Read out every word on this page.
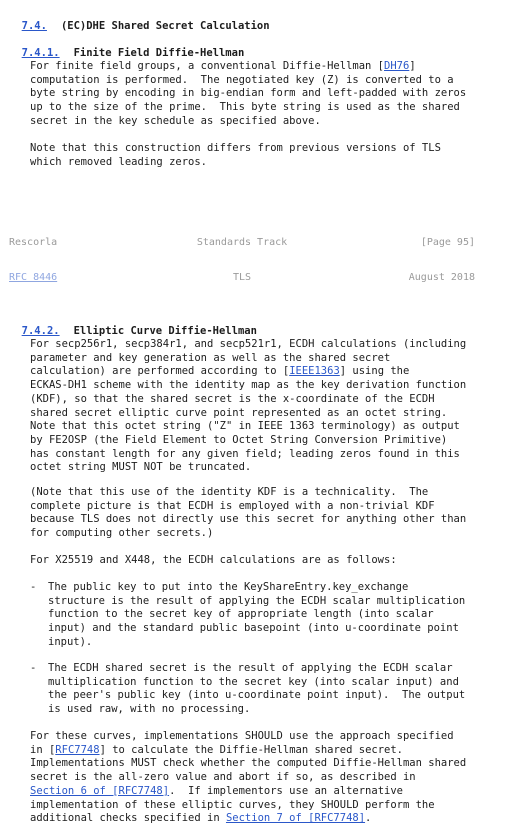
7.4. (EC)DHE Shared Secret Calculation

7.4.1. Finite Field Diffie-Hellman

For finite field groups, a conventional Diffie-Hellman [DH76]
computation is performed.  The negotiated key (Z) is converted to a
byte string by encoding in big-endian form and left-padded with zeros
up to the size of the prime.  This byte string is used as the shared
secret in the key schedule as specified above.
Note that this construction differs from previous versions of TLS
which removed leading zeros.
Rescorla	Standards Track	[Page 95]
RFC 8446	TLS	August 2018

7.4.2. Elliptic Curve Diffie-Hellman

For secp256r1, secp384r1, and secp521r1, ECDH calculations (including
parameter and key generation as well as the shared secret
calculation) are performed according to [IEEE1363] using the
ECKAS-DH1 scheme with the identity map as the key derivation function
(KDF), so that the shared secret is the x-coordinate of the ECDH
shared secret elliptic curve point represented as an octet string.
Note that this octet string ("Z" in IEEE 1363 terminology) as output
by FE2OSP (the Field Element to Octet String Conversion Primitive)
has constant length for any given field; leading zeros found in this
octet string MUST NOT be truncated.
(Note that this use of the identity KDF is a technicality.  The
complete picture is that ECDH is employed with a non-trivial KDF
because TLS does not directly use this secret for anything other than
for computing other secrets.)
For X25519 and X448, the ECDH calculations are as follows:
- The public key to put into the KeyShareEntry.key_exchange
structure is the result of applying the ECDH scalar multiplication
function to the secret key of appropriate length (into scalar
input) and the standard public basepoint (into u-coordinate point
input).
- The ECDH shared secret is the result of applying the ECDH scalar
multiplication function to the secret key (into scalar input) and
the peer's public key (into u-coordinate point input).  The output
is used raw, with no processing.
For these curves, implementations SHOULD use the approach specified
in [RFC7748] to calculate the Diffie-Hellman shared secret.
Implementations MUST check whether the computed Diffie-Hellman shared
secret is the all-zero value and abort if so, as described in
Section 6 of [RFC7748].  If implementors use an alternative
implementation of these elliptic curves, they SHOULD perform the
additional checks specified in Section 7 of [RFC7748].
